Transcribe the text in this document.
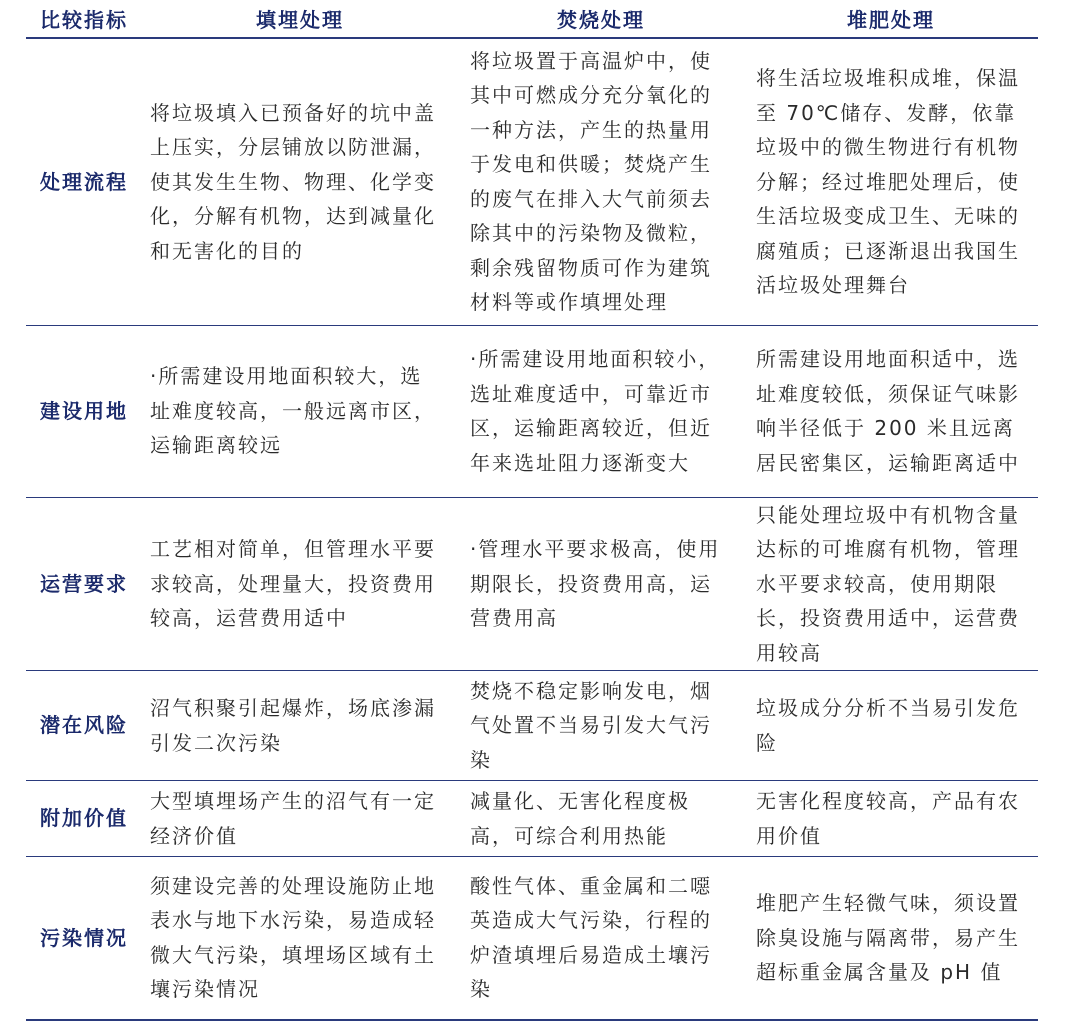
比较指标	填埋处理	焚烧处理	堆肥处理
处理流程	将垃圾填入已预备好的坑中盖上压实，分层铺放以防泄漏，使其发生生物、物理、化学变化，分解有机物，达到减量化和无害化的目的	将垃圾置于高温炉中，使其中可燃成分充分氧化的一种方法，产生的热量用于发电和供暖；焚烧产生的废气在排入大气前须去除其中的污染物及微粒，剩余残留物质可作为建筑材料等或作填埋处理	将生活垃圾堆积成堆，保温至 70℃储存、发酵，依靠垃圾中的微生物进行有机物分解；经过堆肥处理后，使生活垃圾变成卫生、无味的腐殖质；已逐渐退出我国生活垃圾处理舞台

建设用地	·所需建设用地面积较大，选址难度较高，一般远离市区，运输距离较远	·所需建设用地面积较小，选址难度适中，可靠近市区，运输距离较近，但近年来选址阻力逐渐变大	所需建设用地面积适中，选址难度较低，须保证气味影响半径低于 200 米且远离居民密集区，运输距离适中

运营要求	工艺相对简单，但管理水平要求较高，处理量大，投资费用较高，运营费用适中	·管理水平要求极高，使用期限长，投资费用高，运营费用高	只能处理垃圾中有机物含量达标的可堆腐有机物，管理水平要求较高，使用期限长，投资费用适中，运营费用较高

潜在风险	沼气积聚引起爆炸，场底渗漏引发二次污染	焚烧不稳定影响发电，烟气处置不当易引发大气污染	垃圾成分分析不当易引发危险

附加价值	大型填埋场产生的沼气有一定经济价值	减量化、无害化程度极高，可综合利用热能	无害化程度较高，产品有农用价值

污染情况	须建设完善的处理设施防止地表水与地下水污染，易造成轻微大气污染，填埋场区域有土壤污染情况	酸性气体、重金属和二噁英造成大气污染，行程的炉渣填埋后易造成土壤污染	堆肥产生轻微气味，须设置除臭设施与隔离带，易产生超标重金属含量及 pH 值
